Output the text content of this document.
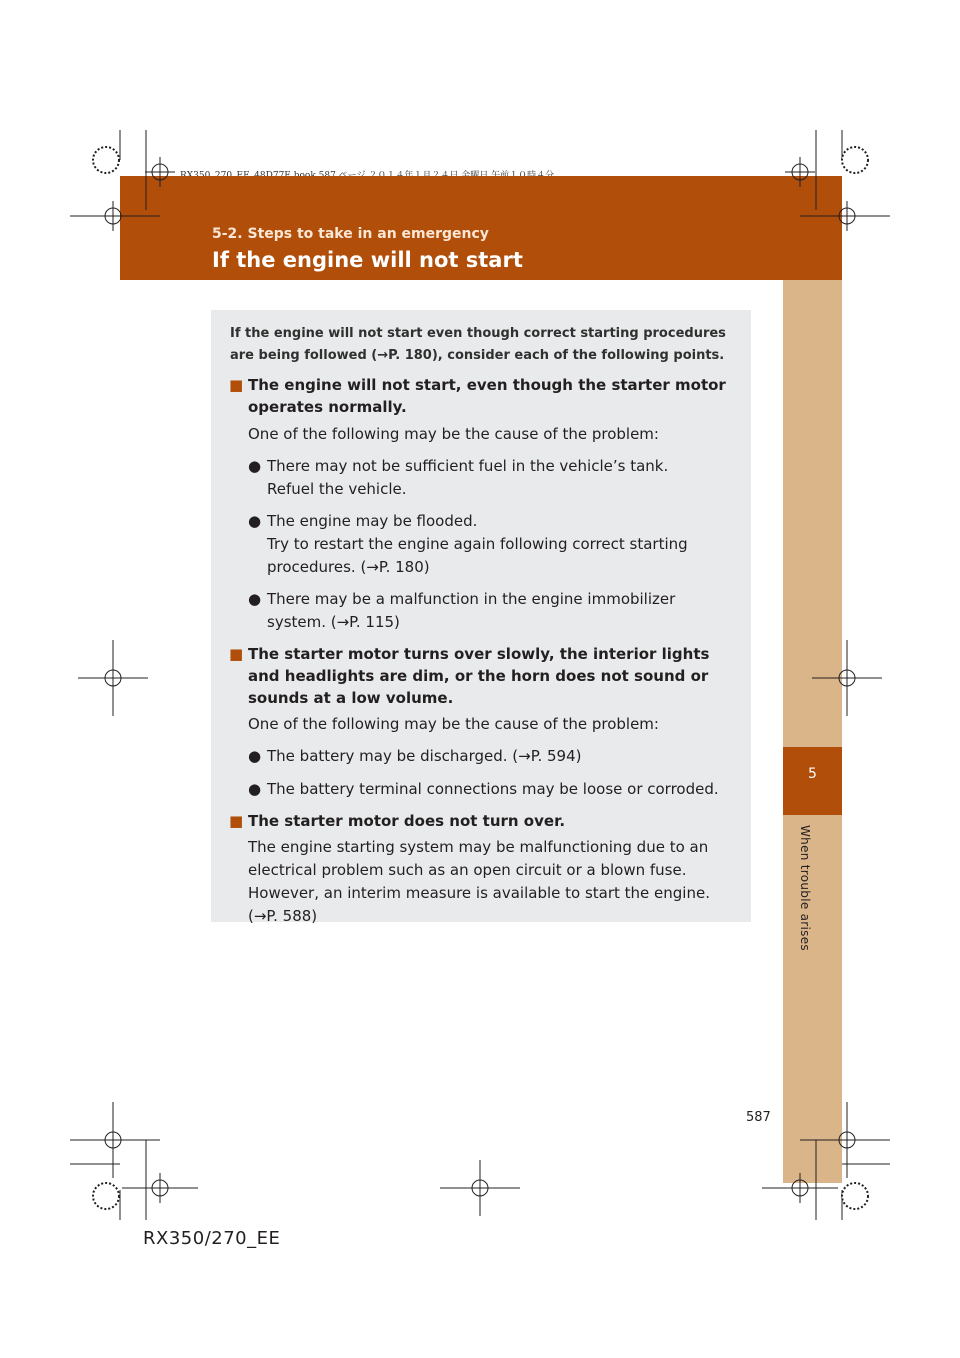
5-2. Steps to take in an emergency
If the engine will not start
5
When trouble arises
If the engine will not start even though correct starting procedures are being followed (→P. 180), consider each of the following points.
■ The engine will not start, even though the starter motor operates normally.
One of the following may be the cause of the problem:
● There may not be sufficient fuel in the vehicle’s tank.
Refuel the vehicle.
● The engine may be flooded.
Try to restart the engine again following correct starting procedures. (→P. 180)
● There may be a malfunction in the engine immobilizer system. (→P. 115)
■ The starter motor turns over slowly, the interior lights and headlights are dim, or the horn does not sound or sounds at a low volume.
One of the following may be the cause of the problem:
● The battery may be discharged. (→P. 594)
● The battery terminal connections may be loose or corroded.
■ The starter motor does not turn over.
The engine starting system may be malfunctioning due to an electrical problem such as an open circuit or a blown fuse. However, an interim measure is available to start the engine. (→P. 588)
587
RX350/270_EE
